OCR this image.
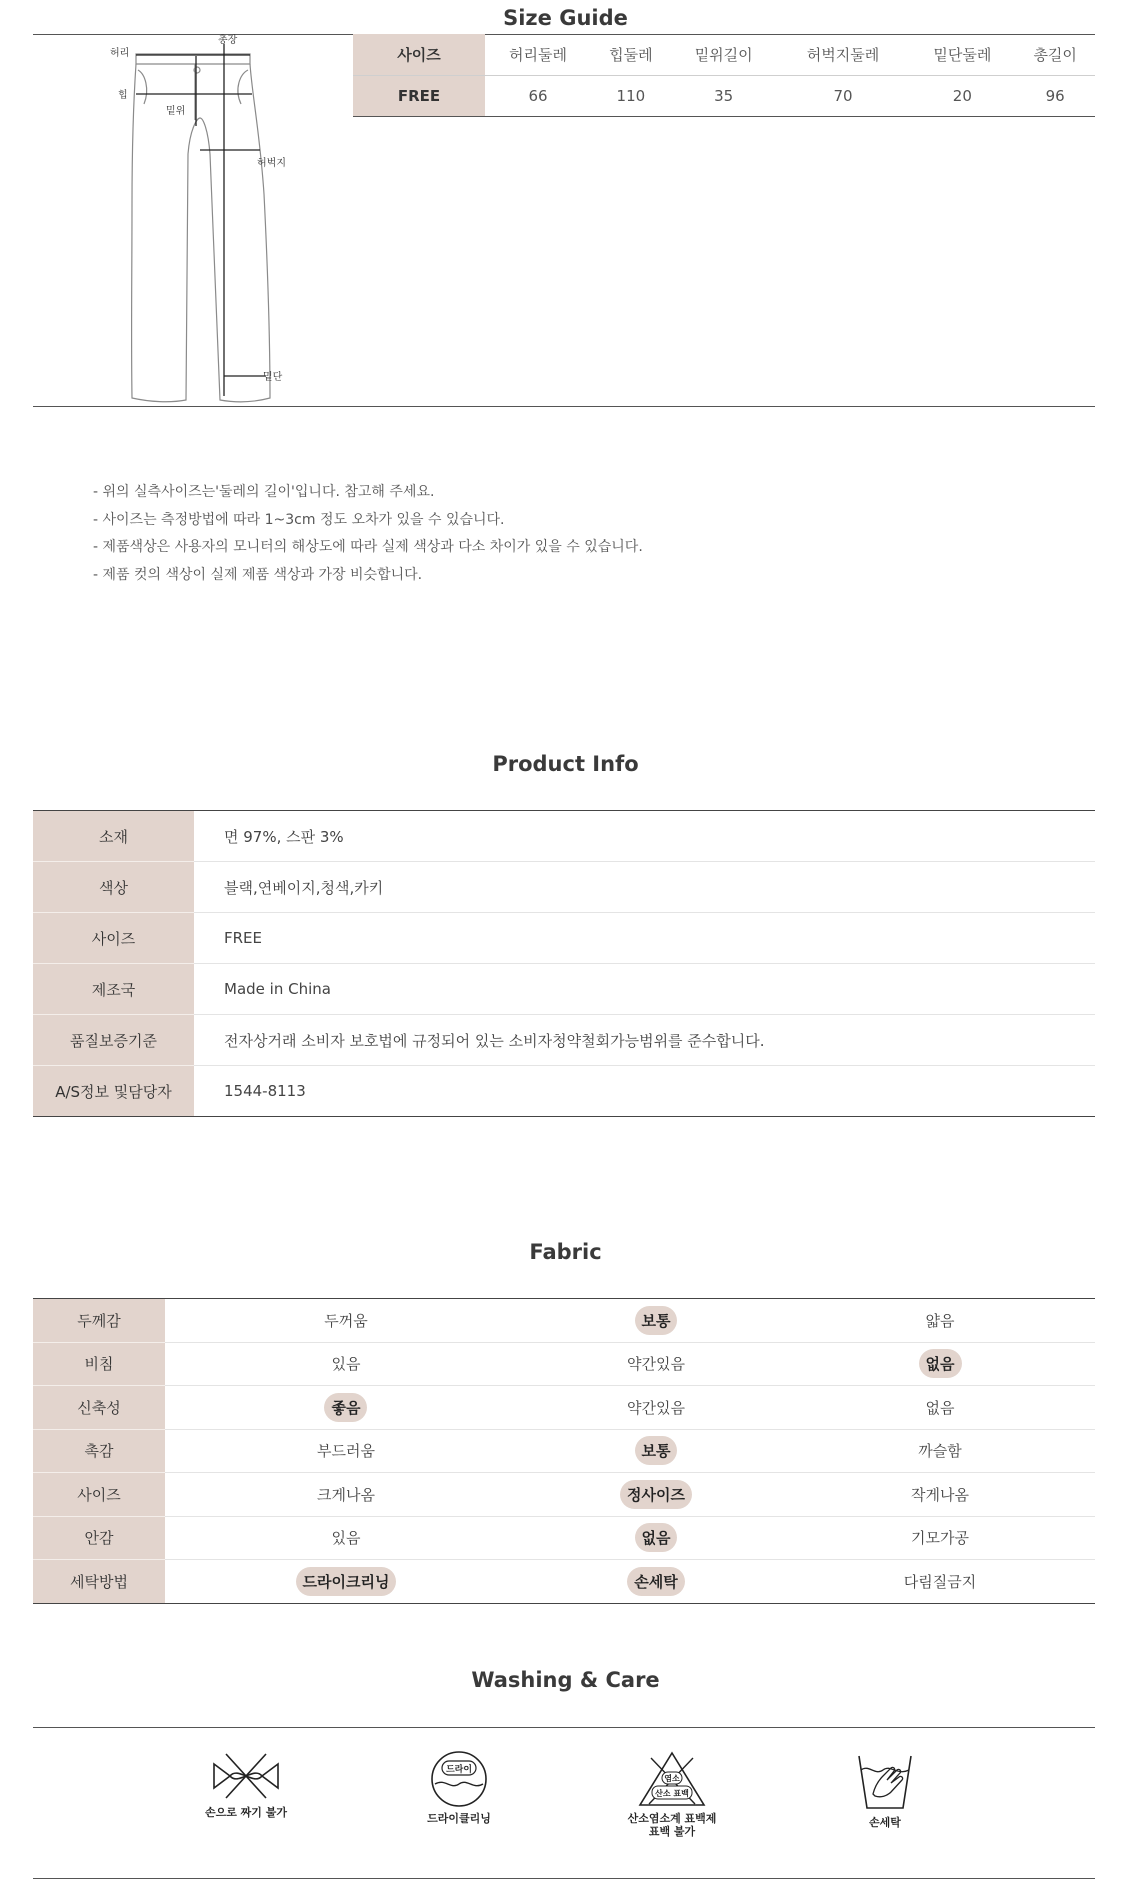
Size Guide
허리
총장
힙
밑위
허벅지
밑단
사이즈	허리둘레	힙둘레	밑위길이	허벅지둘레	밑단둘레	총길이
FREE	66	110	35	70	20	96
- 위의 실측사이즈는'둘레의 길이'입니다. 참고해 주세요.
- 사이즈는 측정방법에 따라 1~3cm 정도 오차가 있을 수 있습니다.
- 제품색상은 사용자의 모니터의 해상도에 따라 실제 색상과 다소 차이가 있을 수 있습니다.
- 제품 컷의 색상이 실제 제품 색상과 가장 비슷합니다.
Product Info
소재	면 97%, 스판 3%
색상	블랙,연베이지,청색,카키
사이즈	FREE
제조국	Made in China
품질보증기준	전자상거래 소비자 보호법에 규정되어 있는 소비자청약철회가능범위를 준수합니다.
A/S정보 및담당자	1544-8113
Fabric
두께감	두꺼움	보통	얇음
비침	있음	약간있음	없음
신축성	좋음	약간있음	없음
촉감	부드러움	보통	까슬함
사이즈	크게나옴	정사이즈	작게나옴
안감	있음	없음	기모가공
세탁방법	드라이크리닝	손세탁	다림질금지
Washing & Care
손으로 짜기 불가
드라이
드라이클리닝
염소
산소 표백
산소염소계 표백제
표백 불가
손세탁
